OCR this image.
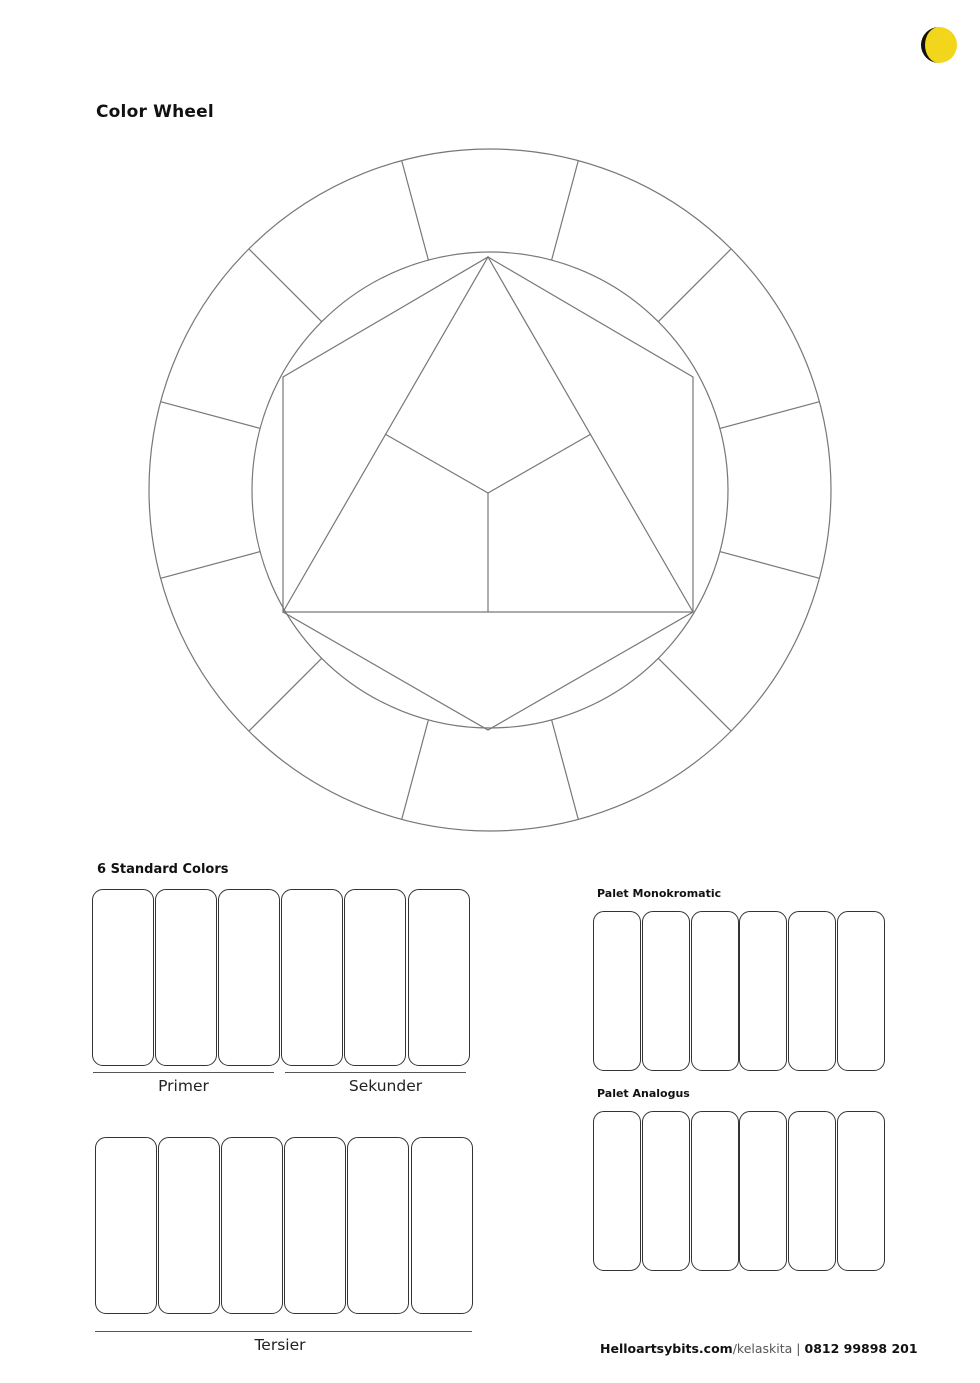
Color Wheel
6 Standard Colors
Primer	Sekunder
Tersier
Palet Monokromatic
Palet Analogus
Helloartsybits.com/kelaskita | 0812 99898 201
